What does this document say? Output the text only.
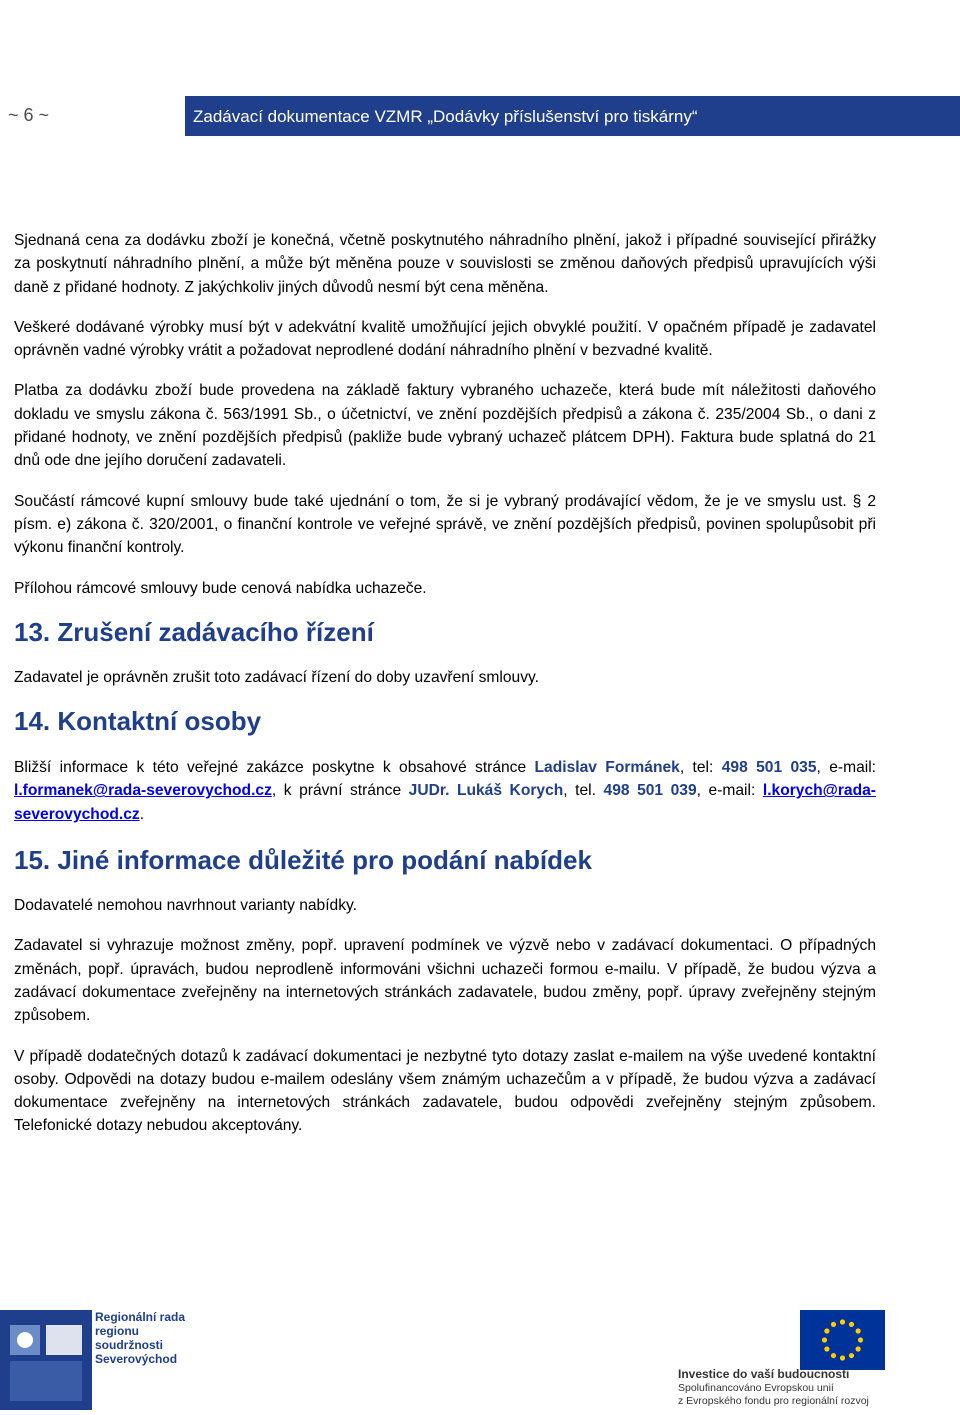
~ 6 ~	Zadávací dokumentace VZMR „Dodávky příslušenství pro tiskárny“

Sjednaná cena za dodávku zboží je konečná, včetně poskytnutého náhradního plnění, jakož i případné související přirážky za poskytnutí náhradního plnění, a může být měněna pouze v souvislosti se změnou daňových předpisů upravujících výši daně z přidané hodnoty. Z jakýchkoliv jiných důvodů nesmí být cena měněna.

Veškeré dodávané výrobky musí být v adekvátní kvalitě umožňující jejich obvyklé použití. V opačném případě je zadavatel oprávněn vadné výrobky vrátit a požadovat neprodlené dodání náhradního plnění v bezvadné kvalitě.

Platba za dodávku zboží bude provedena na základě faktury vybraného uchazeče, která bude mít náležitosti daňového dokladu ve smyslu zákona č. 563/1991 Sb., o účetnictví, ve znění pozdějších předpisů a zákona č. 235/2004 Sb., o dani z přidané hodnoty, ve znění pozdějších předpisů (pakliže bude vybraný uchazeč plátcem DPH). Faktura bude splatná do 21 dnů ode dne jejího doručení zadavateli.

Součástí rámcové kupní smlouvy bude také ujednání o tom, že si je vybraný prodávající vědom, že je ve smyslu ust. § 2 písm. e) zákona č. 320/2001, o finanční kontrole ve veřejné správě, ve znění pozdějších předpisů, povinen spolupůsobit při výkonu finanční kontroly.

Přílohou rámcové smlouvy bude cenová nabídka uchazeče.

13. Zrušení zadávacího řízení

Zadavatel je oprávněn zrušit toto zadávací řízení do doby uzavření smlouvy.

14. Kontaktní osoby

Bližší informace k této veřejné zakázce poskytne k obsahové stránce Ladislav Formánek, tel: 498 501 035, e-mail: l.formanek@rada-severovychod.cz, k právní stránce JUDr. Lukáš Korych, tel. 498 501 039, e-mail: l.korych@rada-severovychod.cz.

15. Jiné informace důležité pro podání nabídek

Dodavatelé nemohou navrhnout varianty nabídky.

Zadavatel si vyhrazuje možnost změny, popř. upravení podmínek ve výzvě nebo v zadávací dokumentaci. O případných změnách, popř. úpravách, budou neprodleně informováni všichni uchazeči formou e-mailu. V případě, že budou výzva a zadávací dokumentace zveřejněny na internetových stránkách zadavatele, budou změny, popř. úpravy zveřejněny stejným způsobem.

V případě dodatečných dotazů k zadávací dokumentaci je nezbytné tyto dotazy zaslat e-mailem na výše uvedené kontaktní osoby. Odpovědi na dotazy budou e-mailem odeslány všem známým uchazečům a v případě, že budou výzva a zadávací dokumentace zveřejněny na internetových stránkách zadavatele, budou odpovědi zveřejněny stejným způsobem. Telefonické dotazy nebudou akceptovány.

Regionální rada regionu soudržnosti Severovýchod
Investice do vaší budoucnosti
Spolufinancováno Evropskou unií
z Evropského fondu pro regionální rozvoj
